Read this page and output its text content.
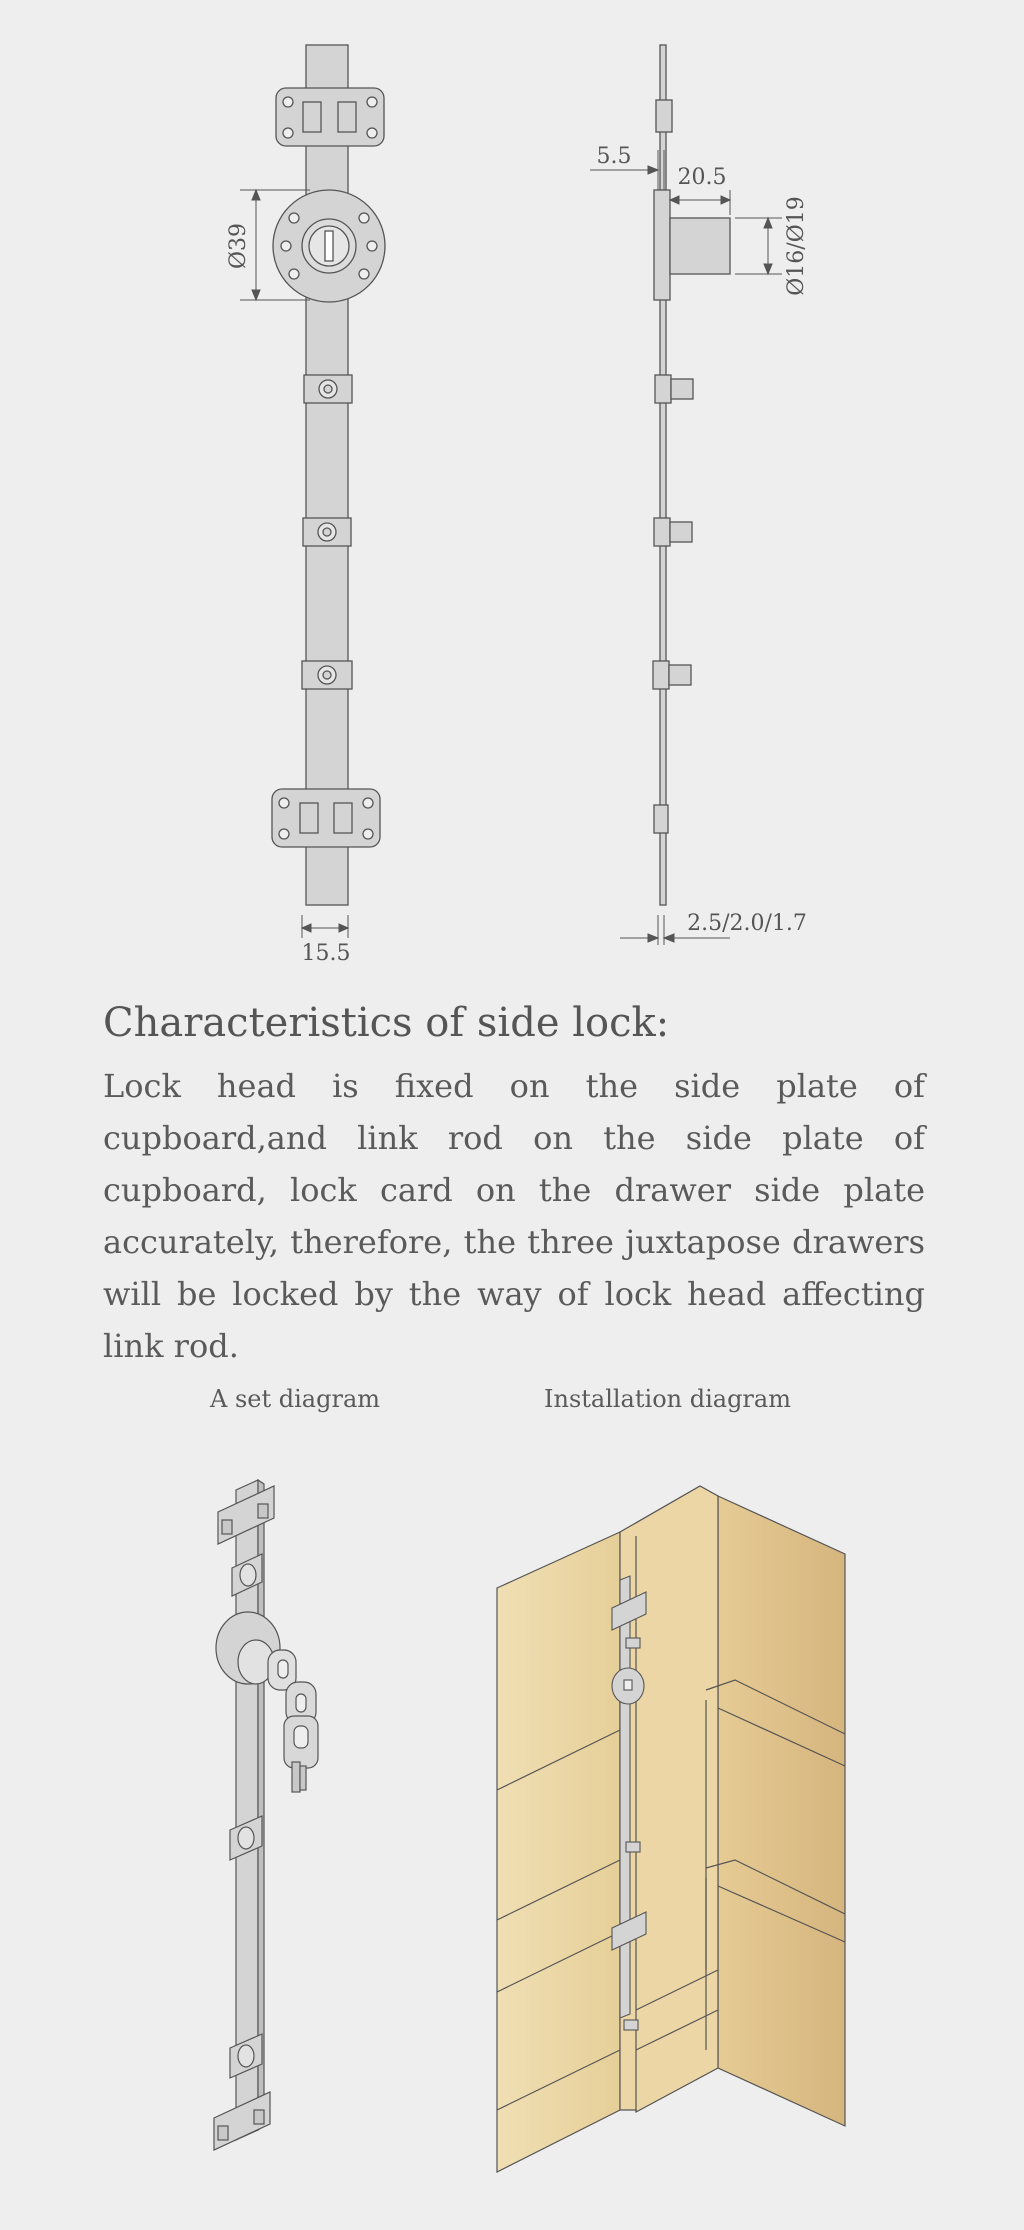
Ø39
15.5
5.5
20.5
Ø16/Ø19
2.5/2.0/1.7
Characteristics of side lock:

Lock head is fixed on the side plate of cupboard,and link rod on the side plate of cupboard, lock card on the drawer side plate accurately, therefore, the three juxtapose drawers will be locked by the way of lock head affecting link rod.

A set diagram	Installation diagram
